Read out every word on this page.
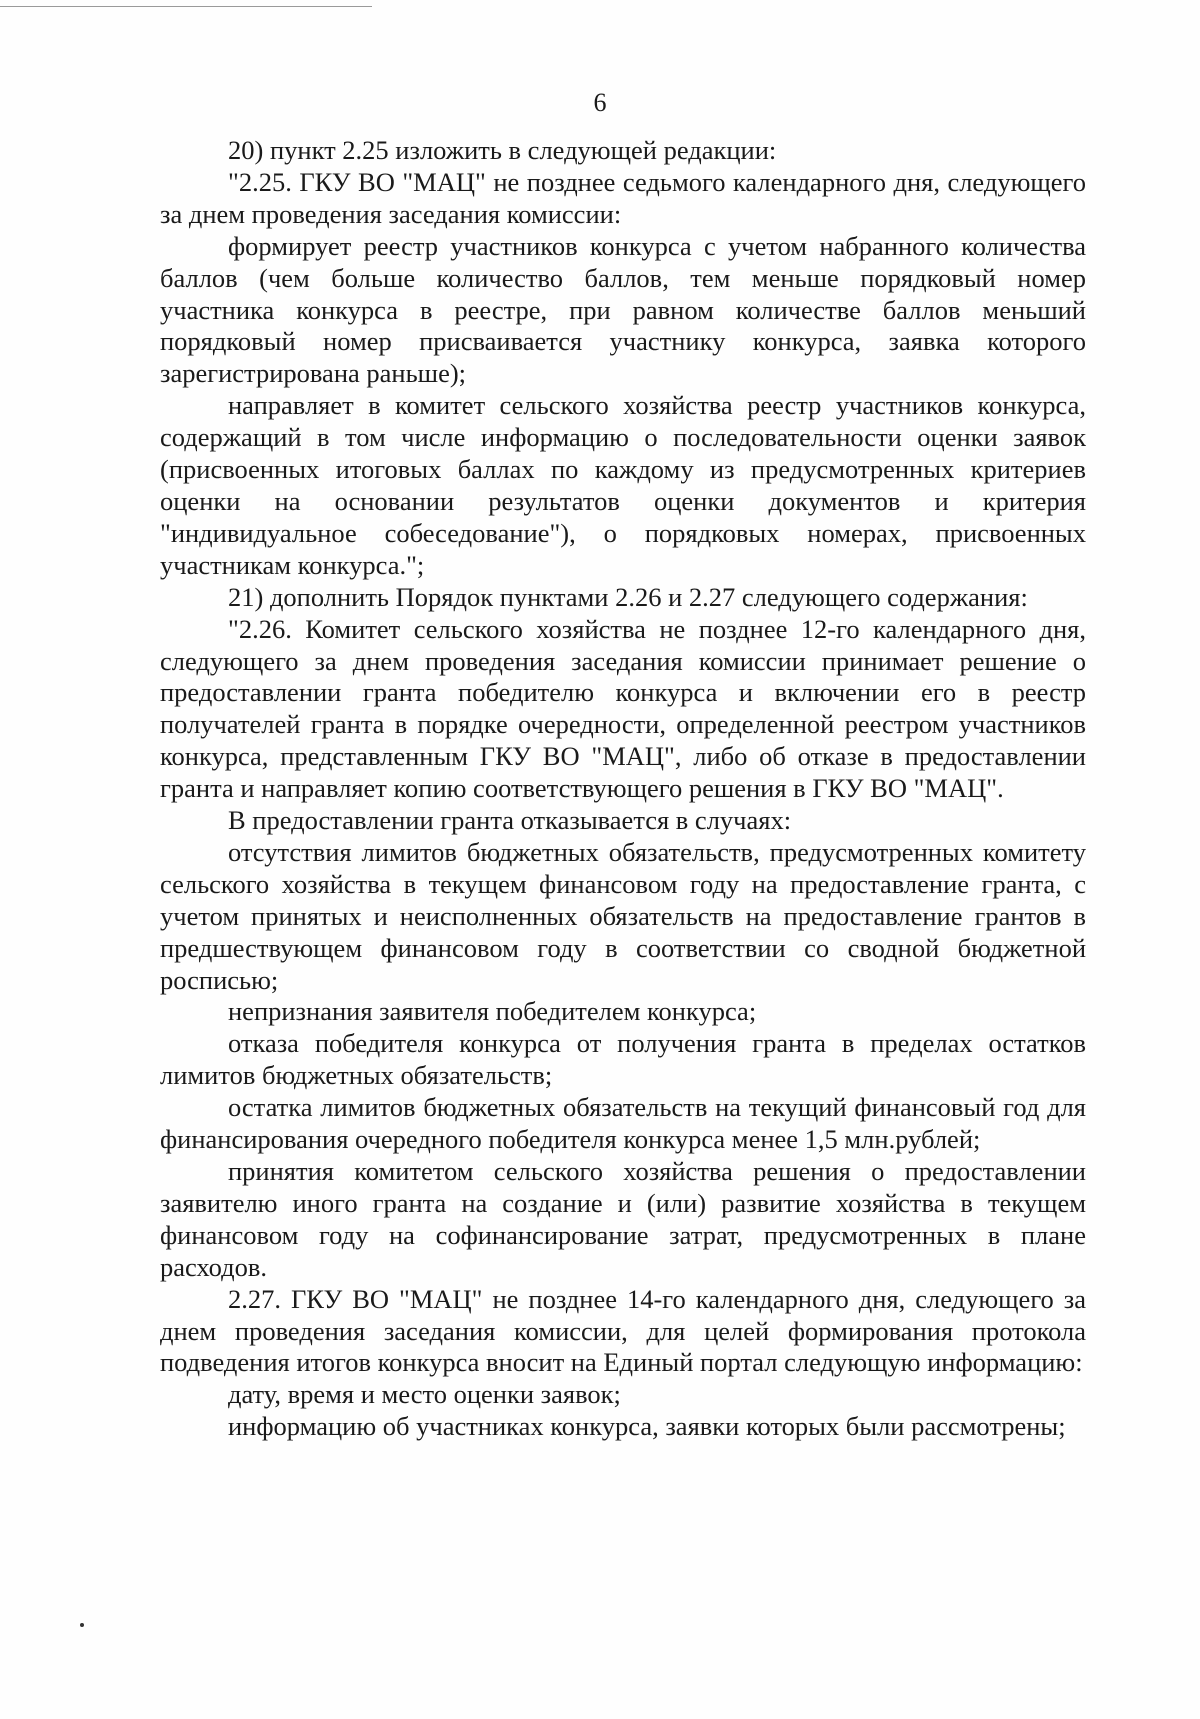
6

20) пункт 2.25 изложить в следующей редакции:

"2.25. ГКУ ВО "МАЦ" не позднее седьмого календарного дня, следующего за днем проведения заседания комиссии:

формирует реестр участников конкурса с учетом набранного количества баллов (чем больше количество баллов, тем меньше порядковый номер участника конкурса в реестре, при равном количестве баллов меньший порядковый номер присваивается участнику конкурса, заявка которого зарегистрирована раньше);

направляет в комитет сельского хозяйства реестр участников конкурса, содержащий в том числе информацию о последовательности оценки заявок (присвоенных итоговых баллах по каждому из предусмотренных критериев оценки на основании результатов оценки документов и критерия "индивидуальное собеседование"), о порядковых номерах, присвоенных участникам конкурса.";

21) дополнить Порядок пунктами 2.26 и 2.27 следующего содержания:

"2.26. Комитет сельского хозяйства не позднее 12-го календарного дня, следующего за днем проведения заседания комиссии принимает решение о предоставлении гранта победителю конкурса и включении его в реестр получателей гранта в порядке очередности, определенной реестром участников конкурса, представленным ГКУ ВО "МАЦ", либо об отказе в предоставлении гранта и направляет копию соответствующего решения в ГКУ ВО "МАЦ".

В предоставлении гранта отказывается в случаях:

отсутствия лимитов бюджетных обязательств, предусмотренных комитету сельского хозяйства в текущем финансовом году на предоставление гранта, с учетом принятых и неисполненных обязательств на предоставление грантов в предшествующем финансовом году в соответствии со сводной бюджетной росписью;

непризнания заявителя победителем конкурса;

отказа победителя конкурса от получения гранта в пределах остатков лимитов бюджетных обязательств;

остатка лимитов бюджетных обязательств на текущий финансовый год для финансирования очередного победителя конкурса менее 1,5 млн.рублей;

принятия комитетом сельского хозяйства решения о предоставлении заявителю иного гранта на создание и (или) развитие хозяйства в текущем финансовом году на софинансирование затрат, предусмотренных в плане расходов.

2.27. ГКУ ВО "МАЦ" не позднее 14-го календарного дня, следующего за днем проведения заседания комиссии, для целей формирования протокола подведения итогов конкурса вносит на Единый портал следующую информацию:

дату, время и место оценки заявок;

информацию об участниках конкурса, заявки которых были рассмотрены;
